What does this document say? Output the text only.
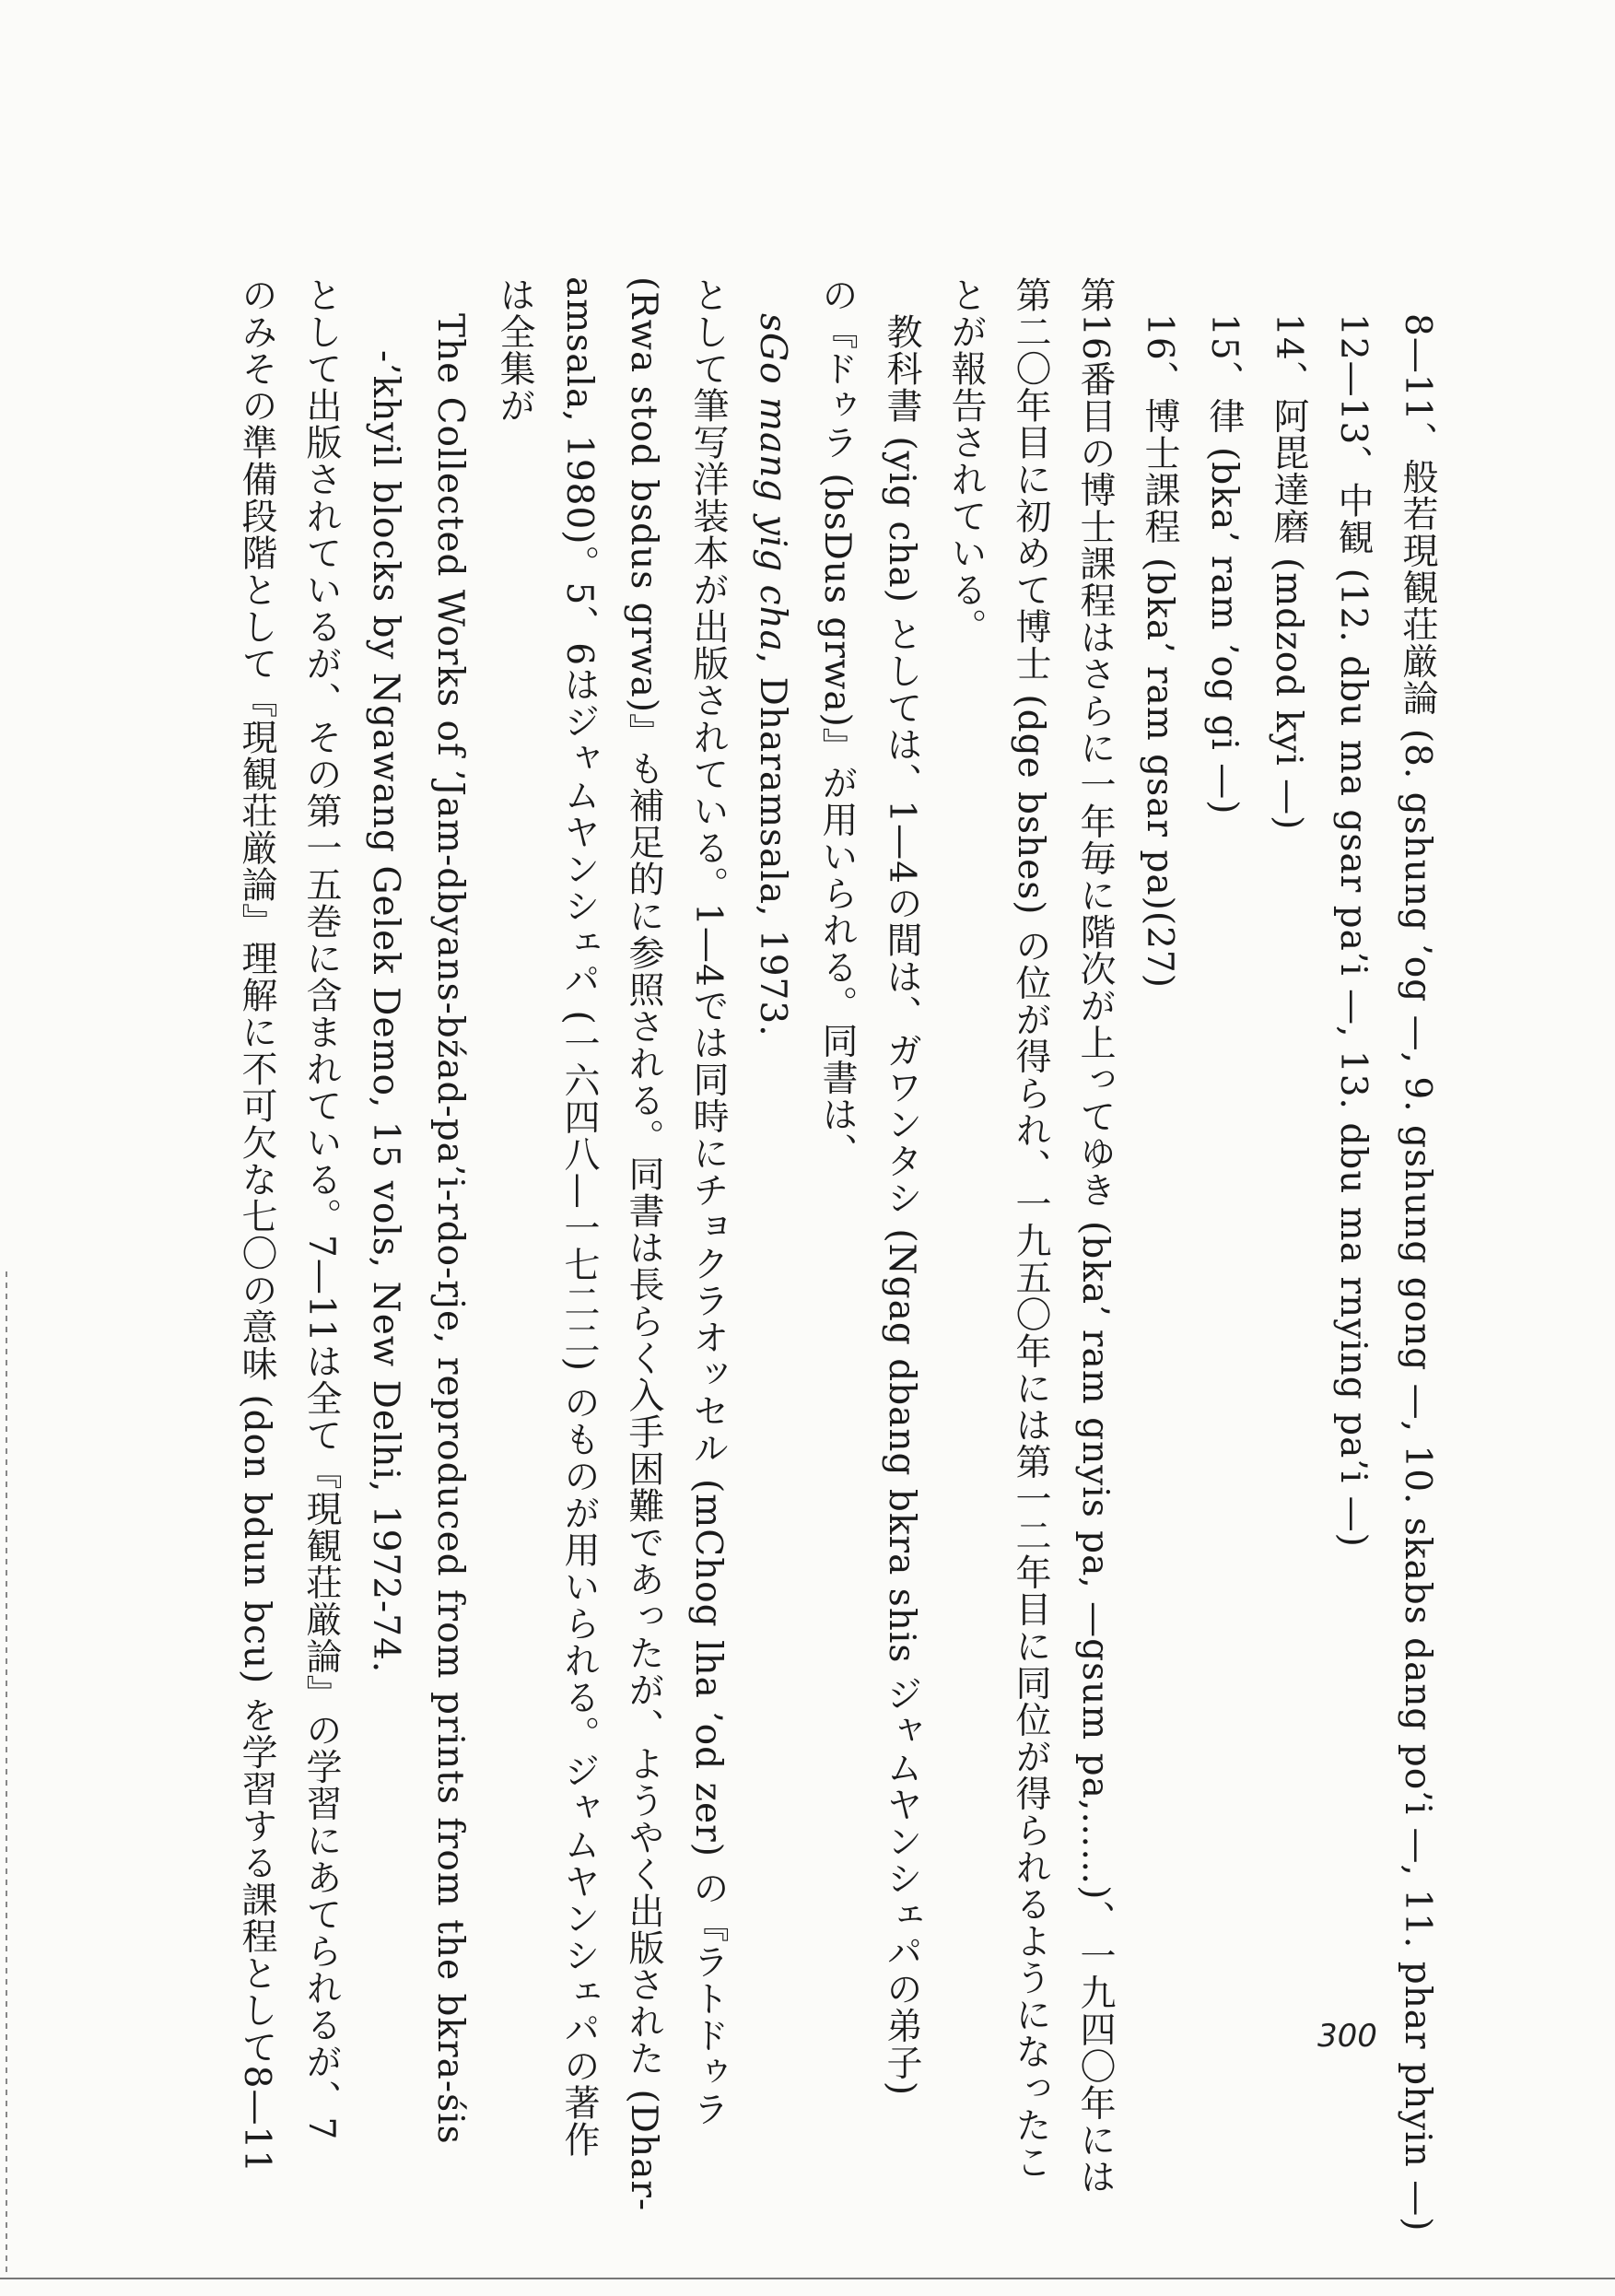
8—11、般若現観荘厳論 (8. gshung ’og —, 9. gshung gong —, 10. skabs dang po’i —, 11. phar phyin —)
12—13、中観 (12. dbu ma gsar pa’i —, 13. dbu ma rnying pa’i —)
14、阿毘達磨 (mdzod kyi —)
15、律 (bka’ ram ’og gi —)
16、博士課程 (bka’ ram gsar pa)(27)
第16番目の博士課程はさらに一年毎に階次が上ってゆき (bka’ ram gnyis pa, —gsum pa,……)、一九四〇年には
第二〇年目に初めて博士 (dge bshes) の位が得られ、一九五〇年には第一二年目に同位が得られるようになったこ
とが報告されている。
教科書 (yig cha) としては、1—4の間は、ガワンタシ (Ngag dbang bkra shis ジャムヤンシェパの弟子)
の『ドゥラ (bsDus grwa)』が用いられる。同書は、
sGo mang yig cha, Dharamsala, 1973.
として筆写洋装本が出版されている。1—4では同時にチョクラオッセル (mChog lha ’od zer) の『ラトドゥラ
(Rwa stod bsdus grwa)』も補足的に参照される。同書は長らく入手困難であったが、ようやく出版された (Dhar-
amsala, 1980)。5、6はジャムヤンシェパ (一六四八—一七二二) のものが用いられる。ジャムヤンシェパの著作
は全集が
The Collected Works of ’Jam-dbyans-bźad-pa’i-rdo-rje, reproduced from prints from the bkra-śis
-’khyil blocks by Ngawang Gelek Demo, 15 vols, New Delhi, 1972-74.
として出版されているが、その第一五巻に含まれている。7—11は全て『現観荘厳論』の学習にあてられるが、7
のみその準備段階として『現観荘厳論』理解に不可欠な七〇の意味 (don bdun bcu) を学習する課程として8—11	300
